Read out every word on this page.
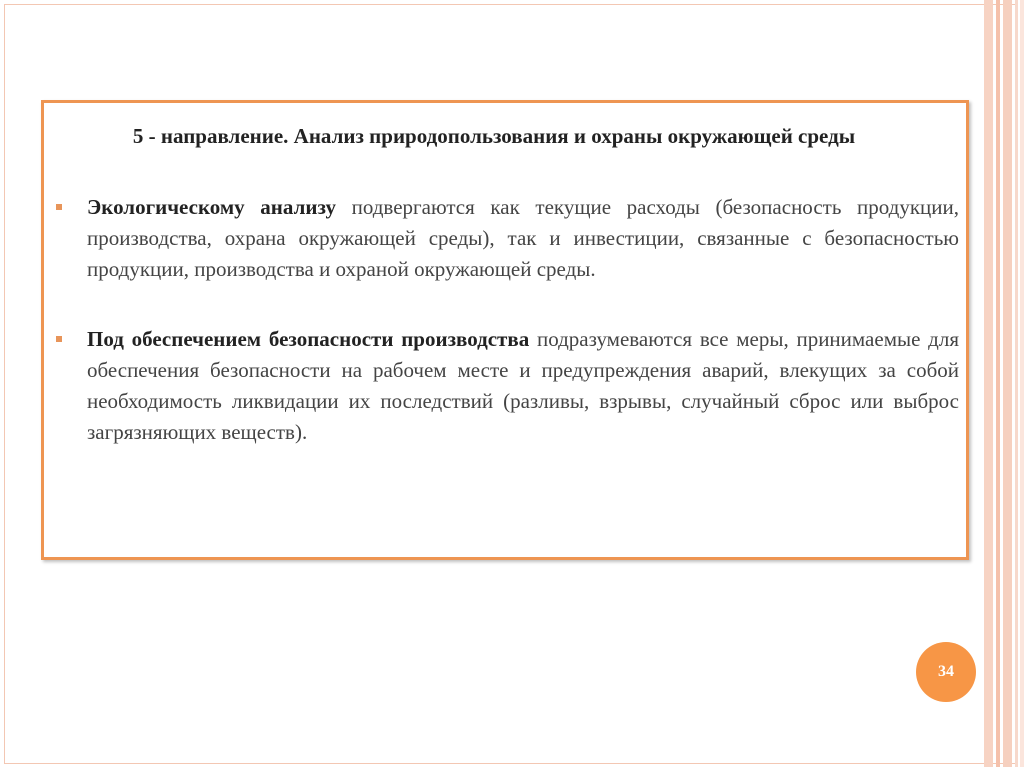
5 - направление. Анализ природопользования и охраны окружающей среды
Экологическому анализу подвергаются как текущие расходы (безопасность продукции, производства, охрана окружающей среды), так и инвестиции, связанные с безопасностью продукции, производства и охраной окружающей среды.
Под обеспечением безопасности производства подразумеваются все меры, принимаемые для обеспечения безопасности на рабочем месте и предупреждения аварий, влекущих за собой необходимость ликвидации их последствий (разливы, взрывы, случайный сброс или выброс загрязняющих веществ).
34
